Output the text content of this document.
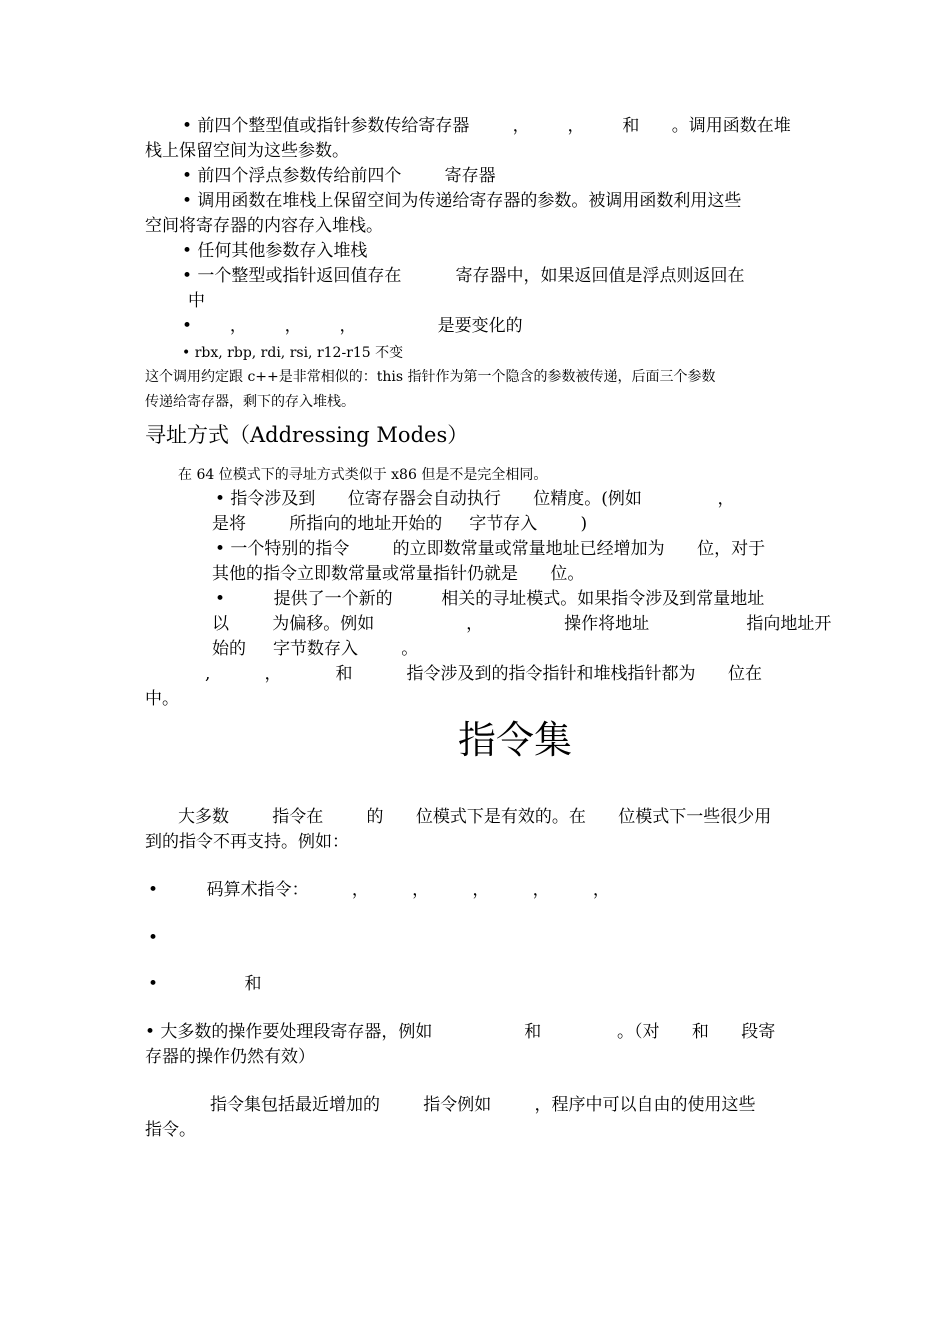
• 前四个整型值或指针参数传给寄存器        ，       ，       和      。调用函数在堆
栈上保留空间为这些参数。
• 前四个浮点参数传给前四个        寄存器
• 调用函数在堆栈上保留空间为传递给寄存器的参数。被调用函数利用这些
空间将寄存器的内容存入堆栈。
• 任何其他参数存入堆栈
• 一个整型或指针返回值存在          寄存器中，如果返回值是浮点则返回在
中
•       ，       ，       ，               是要变化的
• rbx, rbp, rdi, rsi, r12-r15 不变
这个调用约定跟 c++是非常相似的：this 指针作为第一个隐含的参数被传递，后面三个参数
传递给寄存器，剩下的存入堆栈。
寻址方式（Addressing Modes）
在 64 位模式下的寻址方式类似于 x86 但是不是完全相同。
• 指令涉及到      位寄存器会自动执行      位精度。(例如              ，
是将        所指向的地址开始的     字节存入        )
• 一个特别的指令        的立即数常量或常量地址已经增加为      位，对于
其他的指令立即数常量或常量指针仍就是      位。
•         提供了一个新的         相关的寻址模式。如果指令涉及到常量地址
以        为偏移。例如                 ，               操作将地址                  指向地址开
始的     字节数存入        。
,          ，          和          指令涉及到的指令指针和堆栈指针都为      位在
中。
指令集
大多数        指令在        的      位模式下是有效的。在      位模式下一些很少用
到的指令不再支持。例如：
•         码算术指令：        ，        ，        ，        ，        ，
•
•                和
• 大多数的操作要处理段寄存器，例如                 和              。（对      和      段寄
存器的操作仍然有效）
指令集包括最近增加的        指令例如        ，程序中可以自由的使用这些
指令。
